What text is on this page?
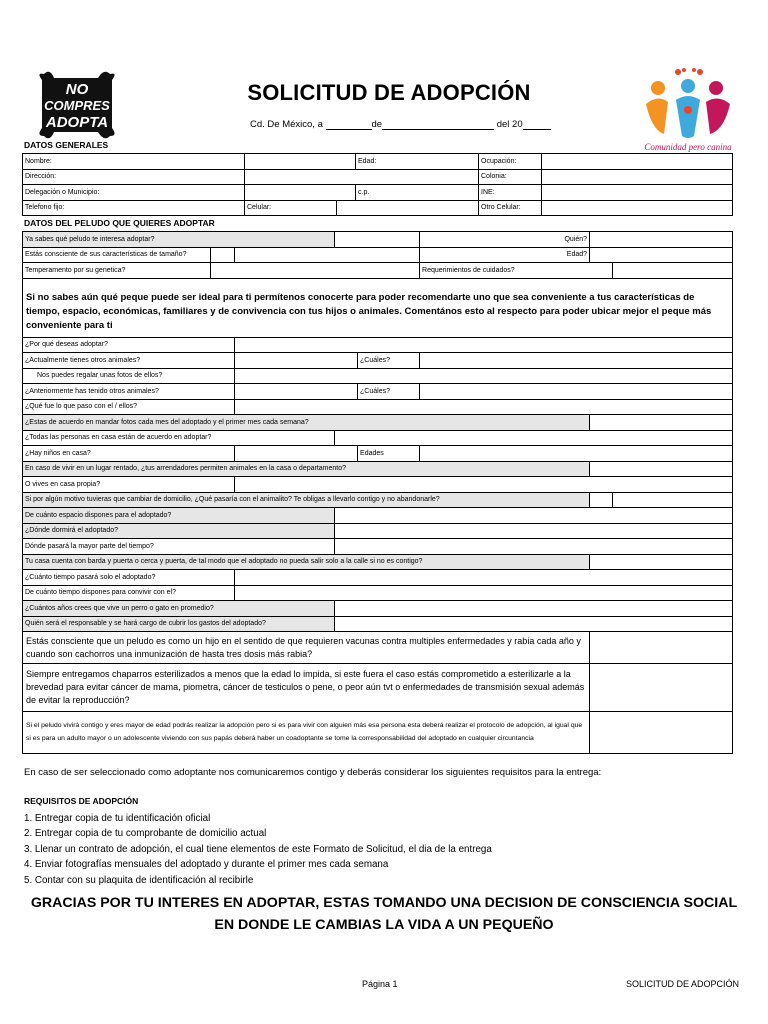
NO
COMPRES
ADOPTA
Comunidad pero canina
SOLICITUD DE ADOPCIÓN
Cd. De México, a	de	del 20
DATOS GENERALES
Nombre:			Edad:	Ocupación:	
Dirección:				Colonia:	
Delegación o Municipio:			c.p.	INE:	
Telefono fijo:	Celular:			Otro Celular:	
DATOS DEL PELUDO QUE QUIERES ADOPTAR
Ya sabes qué peludo te interesa adoptar?					Quién?		
Estás consciente de sus características de tamaño?					Edad?		
Temperamento por su genetica?					Requerimientos de cuidados?		
Si no sabes aún qué peque puede ser ideal para ti permítenos conocerte para poder recomendarte uno que sea conveniente a tus características de tiempo, espacio, económicas, familiares y de convivencia con tus hijos o animales. Comentános esto al respecto para poder ubicar mejor el peque más conveniente para ti							
¿Por qué deseas adoptar?							
¿Actualmente tienes otros animales?				¿Cuáles?			
Nos puedes regalar unas fotos de ellos?							
¿Anteriormente has tenido otros animales?				¿Cuáles?			
¿Qué fue lo que paso con el / ellos?							
¿Estas de acuerdo en mandar fotos cada mes del adoptado y el primer mes cada semana?							
¿Todas las personas en casa están de acuerdo en adoptar?							
¿Hay niños en casa?				Edades			
En caso de vivir en un lugar rentado, ¿tus arrendadores permiten animales en la casa o departamento?							
O vives en casa propia?							
Si por algún motivo tuvieras que cambiar de domicilio, ¿Qué pasaría con el animalito? Te obligas a llevarlo contigo y no abandonarle?							
De cuánto espacio dispones para el adoptado?							
¿Dónde dormirá el adoptado?							
Dónde pasará la mayor parte del tiempo?							
Tu casa cuenta con barda y puerta o cerca y puerta, de tal modo que el adoptado no pueda salir solo a la calle si no es contigo?							
¿Cuánto tiempo pasará solo el adoptado?							
De cuánto tiempo dispones para convivir con el?							
¿Cuántos años crees que vive un perro o gato en promedio?							
Quién será el responsable y se hará cargo de cubrir los gastos del adoptado?							
Estás consciente que un peludo es como un hijo en el sentido de que requieren vacunas contra multiples enfermedades y rabia cada año y cuando son cachorros una inmunización de hasta tres dosis más rabia?							
Siempre entregamos chaparros esterilizados a menos que la edad lo impida, si este fuera el caso estás comprometido a esterilizarle a la brevedad para evitar cáncer de mama, piometra, cáncer de testiculos o pene, o peor aún tvt o enfermedades de transmisión sexual además de evitar la reproducción?							
Si el peludo vivirá contigo y eres mayor de edad podrás realizar la adopción pero si es para vivir con alguien más esa persona esta deberá realizar el protocolo de adopción, al igual que si es para un adulto mayor o un adolescente viviendo con sus papás deberá haber un coadoptante se tome la corresponsabilidad del adoptado en cualquier circuntancia							
En caso de ser seleccionado como adoptante nos comunicaremos contigo y deberás considerar los siguientes requisitos para la entrega:
REQUISITOS DE ADOPCIÓN
1. Entregar copia de tu identificación oficial
2. Entregar copia de tu comprobante de domicilio actual
3. Llenar un contrato de adopción, el cual tiene elementos de este Formato de Solicitud, el dia de la entrega
4. Enviar fotografías mensuales del adoptado y durante el primer mes cada semana
5. Contar con su plaquita de identificación al recibirle
GRACIAS POR TU INTERES EN ADOPTAR, ESTAS TOMANDO UNA DECISION DE CONSCIENCIA SOCIAL
EN DONDE LE CAMBIAS LA VIDA A UN PEQUEÑO
Página 1	SOLICITUD DE ADOPCIÓN
